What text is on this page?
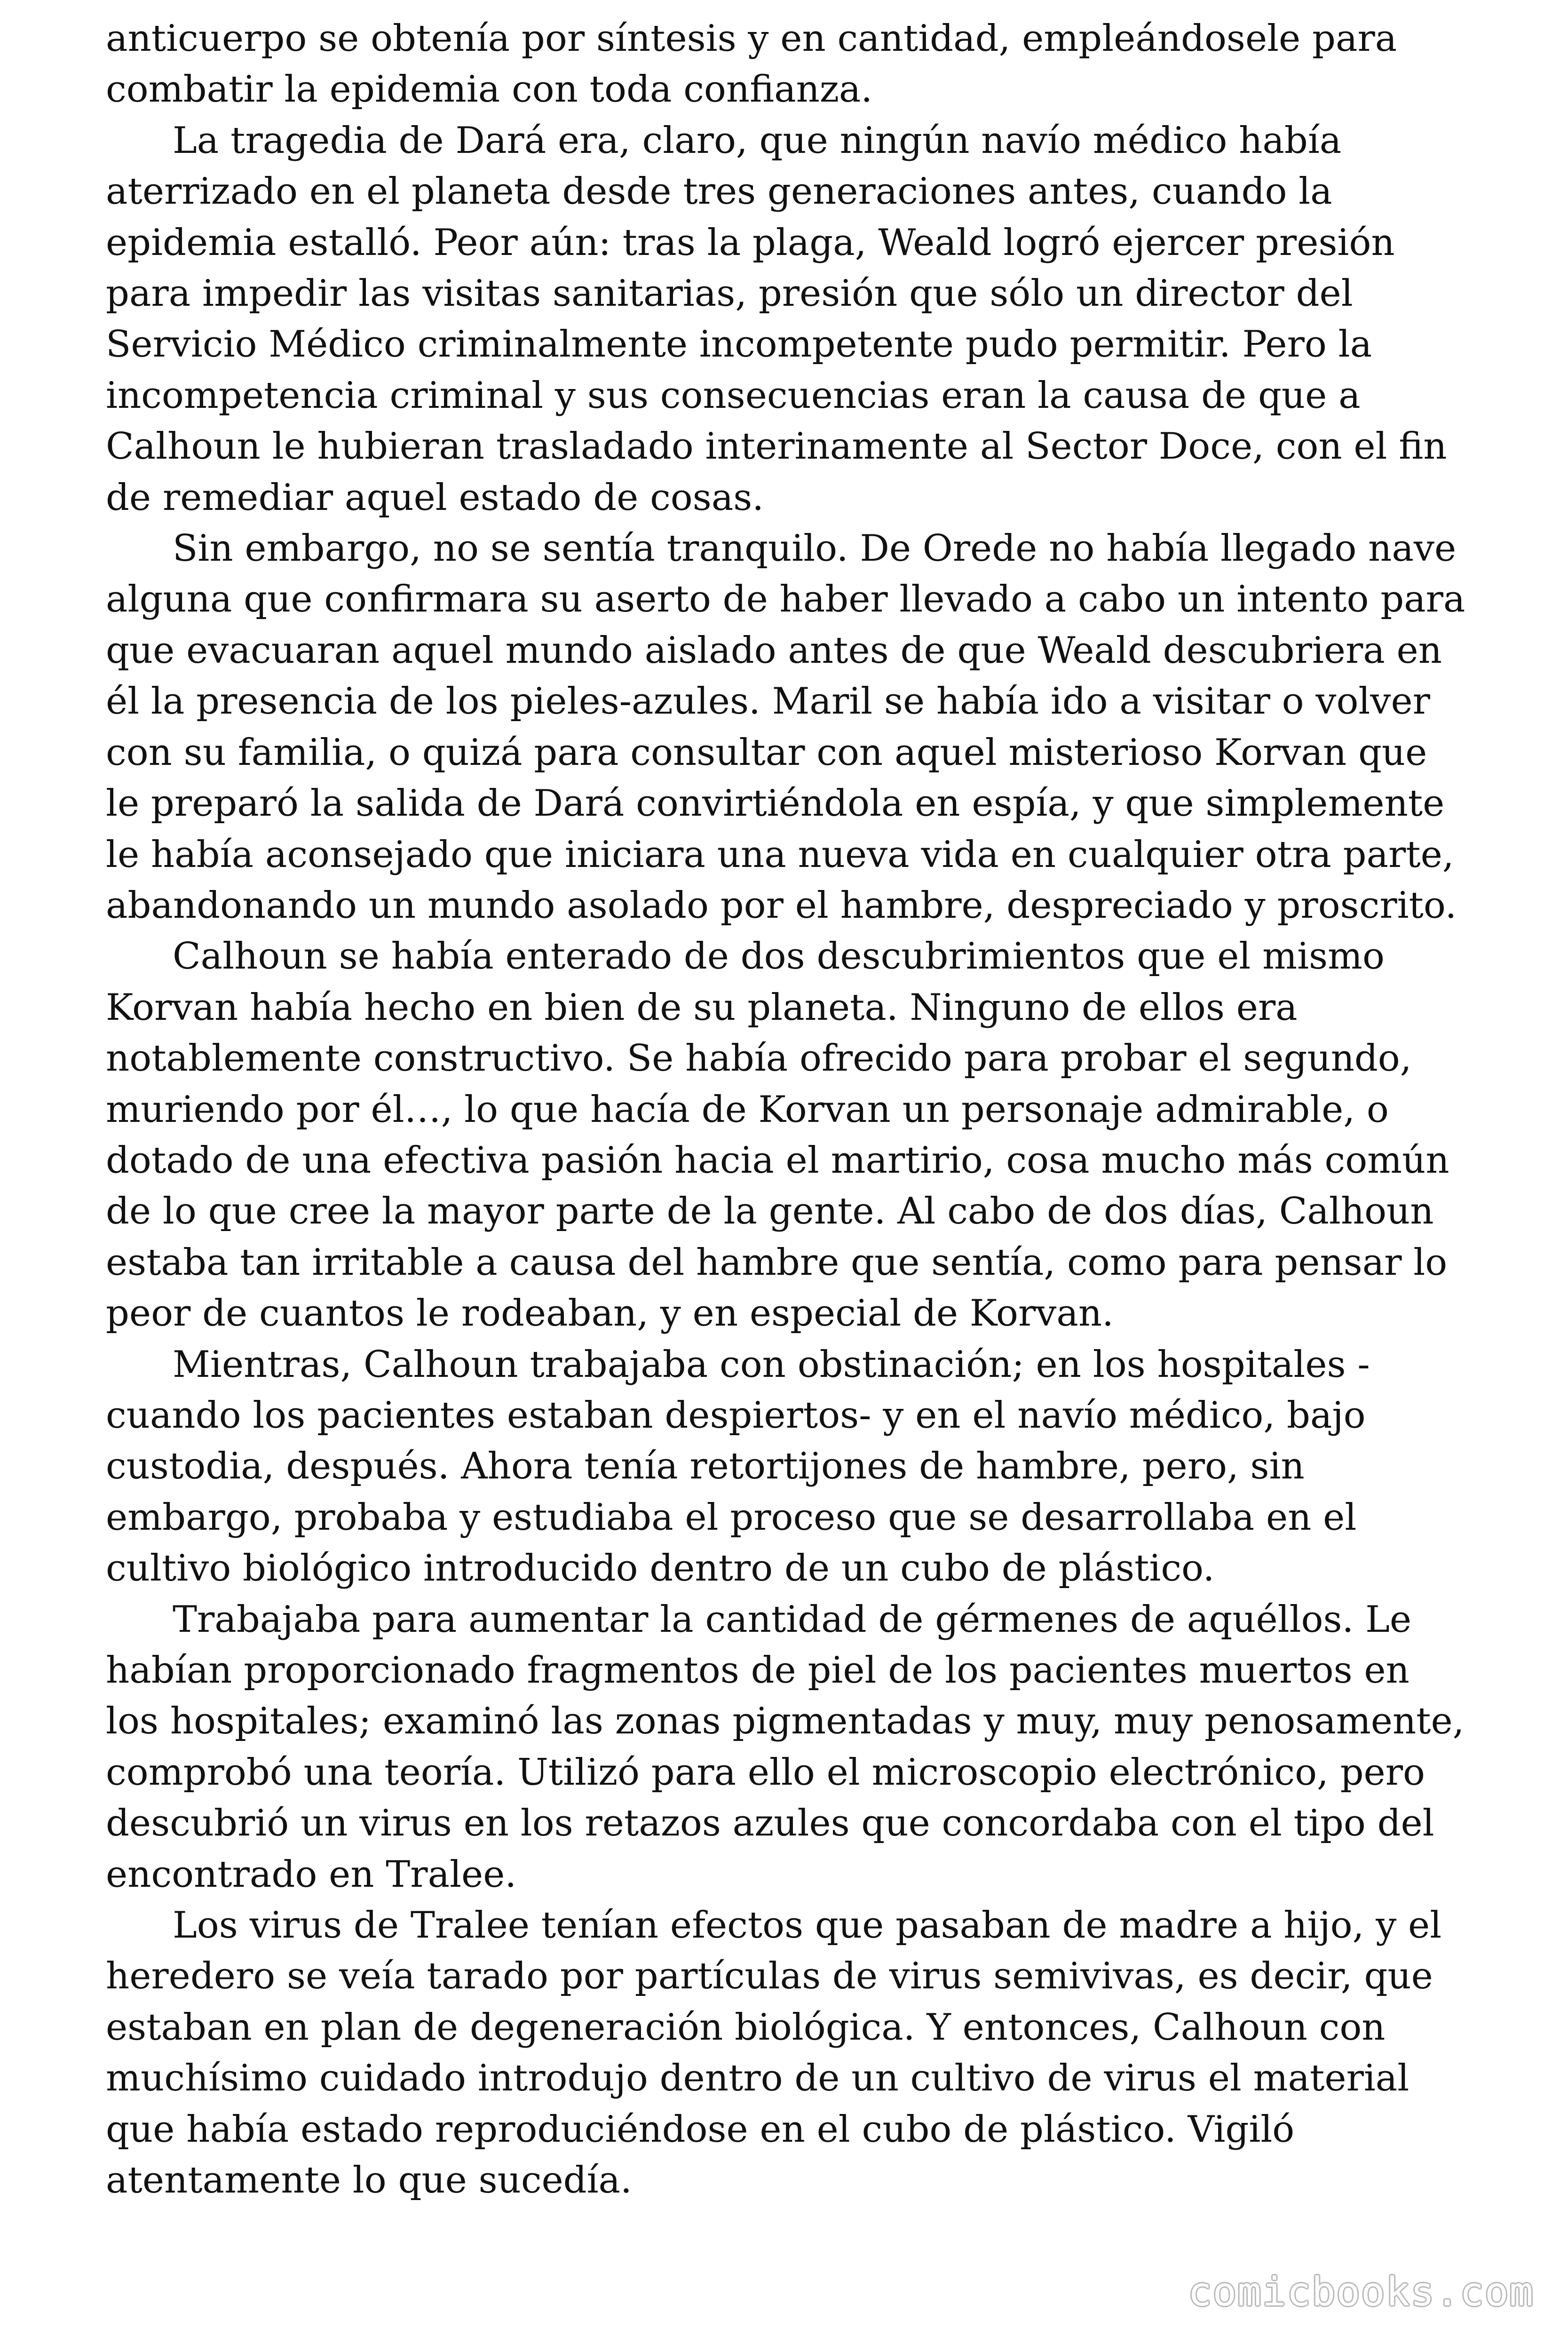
anticuerpo se obtenía por síntesis y en cantidad, empleándosele para combatir la epidemia con toda confianza.

La tragedia de Dará era, claro, que ningún navío médico había aterrizado en el planeta desde tres generaciones antes, cuando la epidemia estalló. Peor aún: tras la plaga, Weald logró ejercer presión para impedir las visitas sanitarias, presión que sólo un director del Servicio Médico criminalmente incompetente pudo permitir. Pero la incompetencia criminal y sus consecuencias eran la causa de que a Calhoun le hubieran trasladado interinamente al Sector Doce, con el fin de remediar aquel estado de cosas.

Sin embargo, no se sentía tranquilo. De Orede no había llegado nave alguna que confirmara su aserto de haber llevado a cabo un intento para que evacuaran aquel mundo aislado antes de que Weald descubriera en él la presencia de los pieles-azules. Maril se había ido a visitar o volver con su familia, o quizá para consultar con aquel misterioso Korvan que le preparó la salida de Dará convirtiéndola en espía, y que simplemente le había aconsejado que iniciara una nueva vida en cualquier otra parte, abandonando un mundo asolado por el hambre, despreciado y proscrito.

Calhoun se había enterado de dos descubrimientos que el mismo Korvan había hecho en bien de su planeta. Ninguno de ellos era notablemente constructivo. Se había ofrecido para probar el segundo, muriendo por él…, lo que hacía de Korvan un personaje admirable, o dotado de una efectiva pasión hacia el martirio, cosa mucho más común de lo que cree la mayor parte de la gente. Al cabo de dos días, Calhoun estaba tan irritable a causa del hambre que sentía, como para pensar lo peor de cuantos le rodeaban, y en especial de Korvan.

Mientras, Calhoun trabajaba con obstinación; en los hospitales -cuando los pacientes estaban despiertos- y en el navío médico, bajo custodia, después. Ahora tenía retortijones de hambre, pero, sin embargo, probaba y estudiaba el proceso que se desarrollaba en el cultivo biológico introducido dentro de un cubo de plástico.

Trabajaba para aumentar la cantidad de gérmenes de aquéllos. Le habían proporcionado fragmentos de piel de los pacientes muertos en los hospitales; examinó las zonas pigmentadas y muy, muy penosamente, comprobó una teoría. Utilizó para ello el microscopio electrónico, pero descubrió un virus en los retazos azules que concordaba con el tipo del encontrado en Tralee.

Los virus de Tralee tenían efectos que pasaban de madre a hijo, y el heredero se veía tarado por partículas de virus semivivas, es decir, que estaban en plan de degeneración biológica. Y entonces, Calhoun con muchísimo cuidado introdujo dentro de un cultivo de virus el material que había estado reproduciéndose en el cubo de plástico. Vigiló atentamente lo que sucedía.

comicbooks.com
